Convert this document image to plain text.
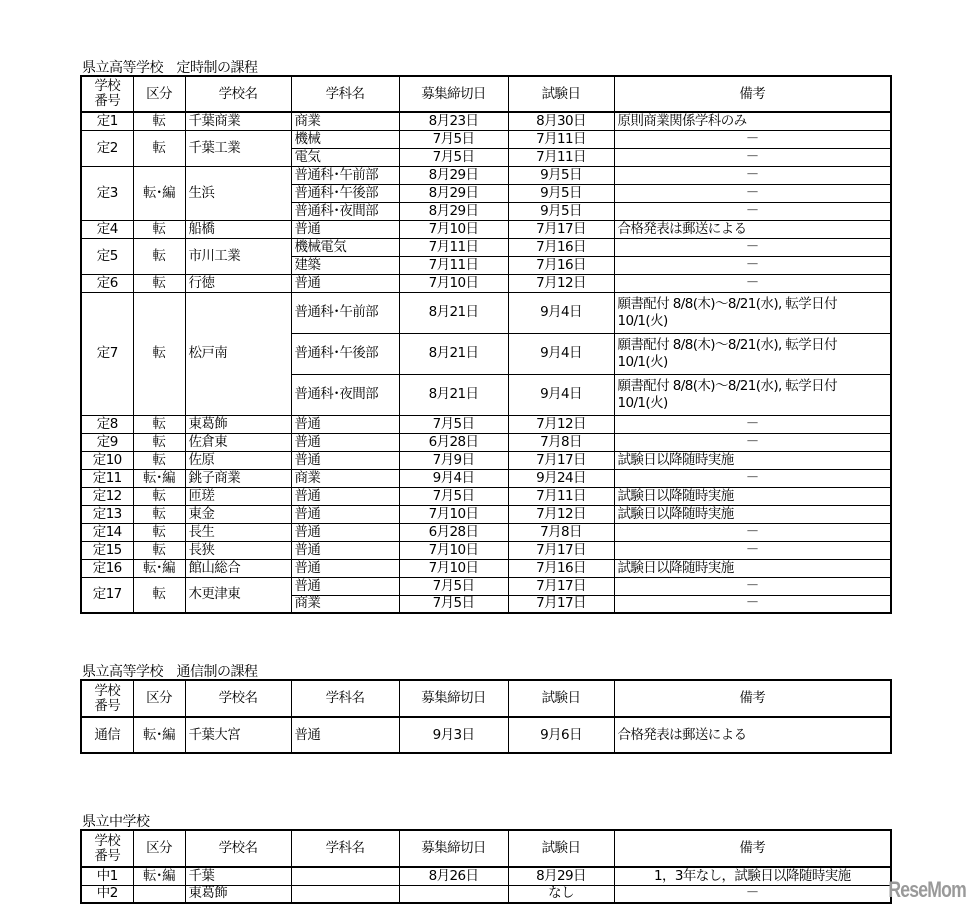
県立高等学校　定時制の課程
学校番号	区分	学校名	学科名	募集締切日	試験日	備考
定1	転	千葉商業	商業	8月23日	8月30日	原則商業関係学科のみ
定2	転	千葉工業	機械	7月5日	7月11日	－
			電気	7月5日	7月11日	－
定3	転･編	生浜	普通科･午前部	8月29日	9月5日	－
			普通科･午後部	8月29日	9月5日	－
			普通科･夜間部	8月29日	9月5日	－
定4	転	船橋	普通	7月10日	7月17日	合格発表は郵送による
定5	転	市川工業	機械電気	7月11日	7月16日	－
			建築	7月11日	7月16日	－
定6	転	行徳	普通	7月10日	7月12日	－
定7	転	松戸南	普通科･午前部	8月21日	9月4日	願書配付 8/8(木)～8/21(水), 転学日付10/1(火)
			普通科･午後部	8月21日	9月4日	願書配付 8/8(木)～8/21(水), 転学日付10/1(火)
			普通科･夜間部	8月21日	9月4日	願書配付 8/8(木)～8/21(水), 転学日付10/1(火)
定8	転	東葛飾	普通	7月5日	7月12日	－
定9	転	佐倉東	普通	6月28日	7月8日	－
定10	転	佐原	普通	7月9日	7月17日	試験日以降随時実施
定11	転･編	銚子商業	商業	9月4日	9月24日	－
定12	転	匝瑳	普通	7月5日	7月11日	試験日以降随時実施
定13	転	東金	普通	7月10日	7月12日	試験日以降随時実施
定14	転	長生	普通	6月28日	7月8日	－
定15	転	長狭	普通	7月10日	7月17日	－
定16	転･編	館山総合	普通	7月10日	7月16日	試験日以降随時実施
定17	転	木更津東	普通	7月5日	7月17日	－
			商業	7月5日	7月17日	－
県立高等学校　通信制の課程
学校
番号	区分	学校名	学科名	募集締切日	試験日	備考
通信	転･編	千葉大宮	普通	9月3日	9月6日	合格発表は郵送による
県立中学校
学校
番号	区分	学校名	学科名	募集締切日	試験日	備考
中1	転･編	千葉		8月26日	8月29日	1，3年なし，試験日以降随時実施
中2		東葛飾			なし	－	ReseMom
